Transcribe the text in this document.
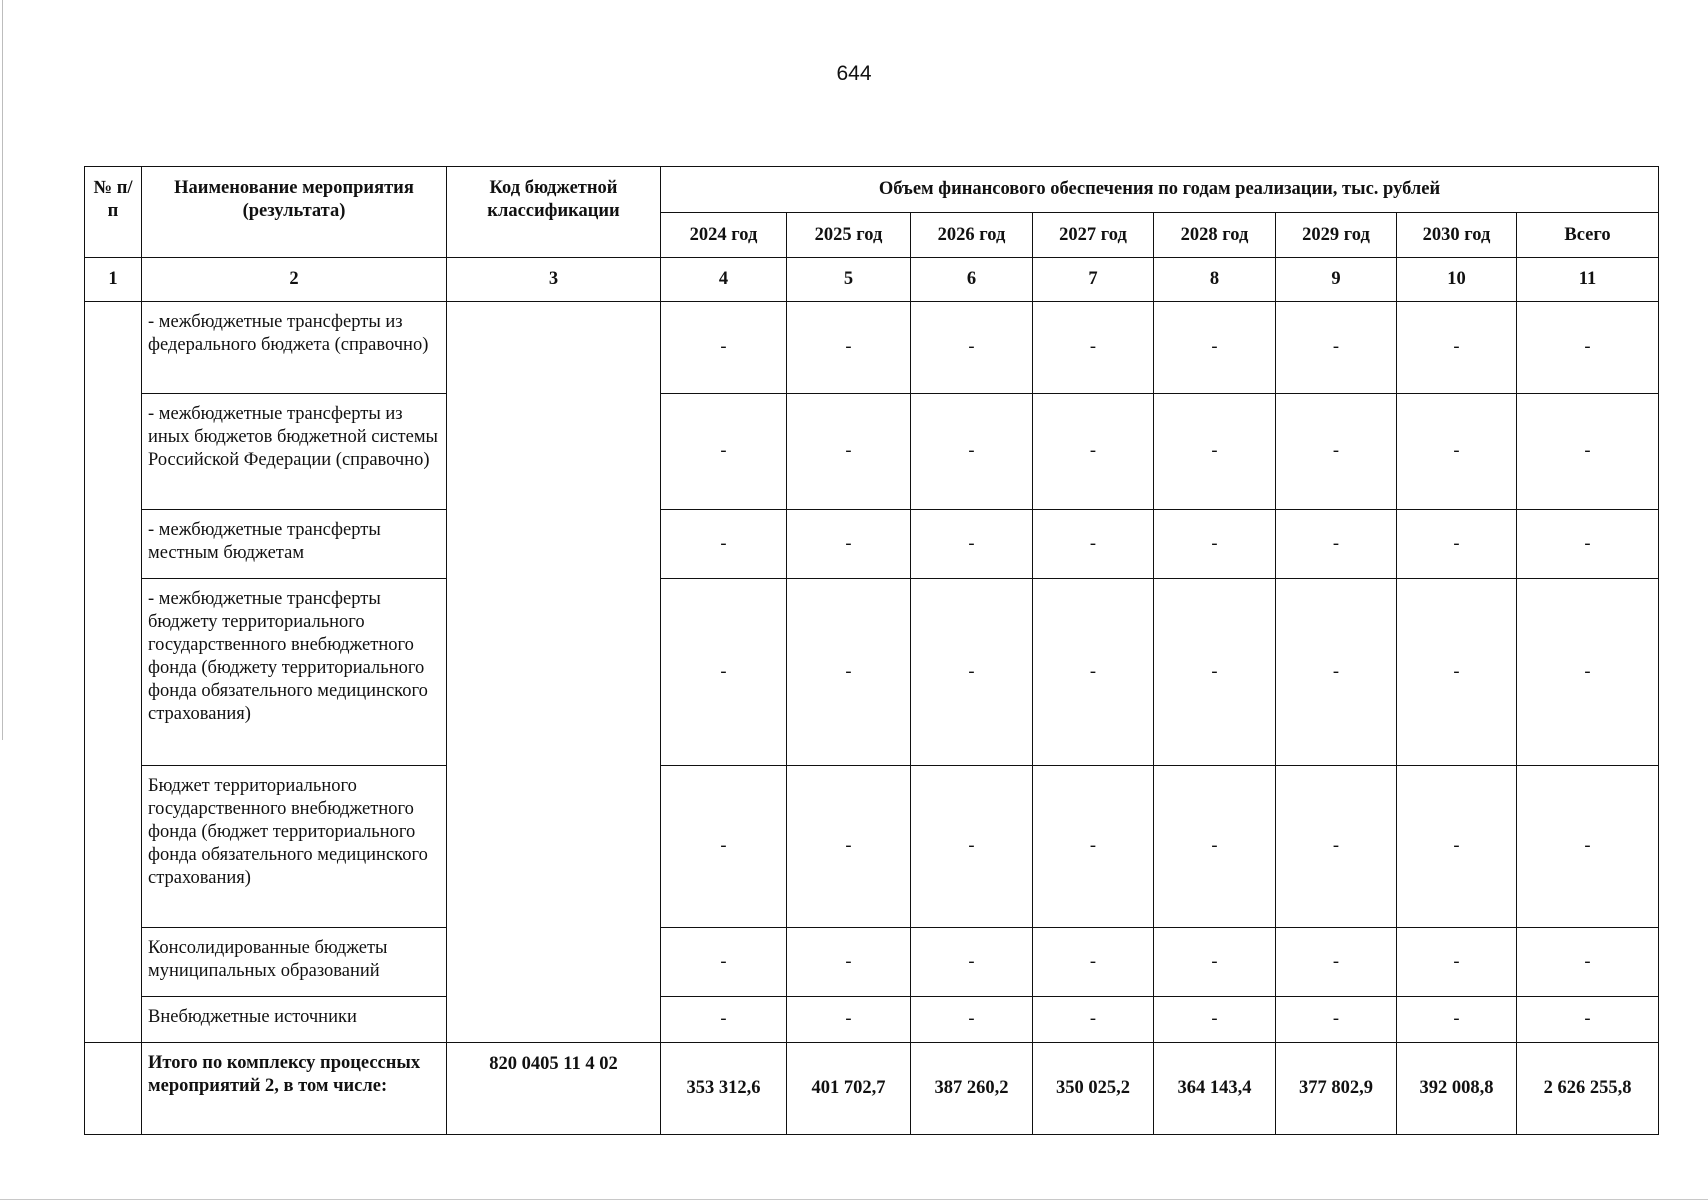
644
№ п/п	Наименование мероприятия (результата)	Код бюджетной классификации	Объем финансового обеспечения по годам реализации, тыс. рублей							
			2024 год	2025 год	2026 год	2027 год	2028 год	2029 год	2030 год	Всего
1	2	3	4	5	6	7	8	9	10	11
	- межбюджетные трансферты из федерального бюджета (справочно)		-	-	-	-	-	-	-	-
	- межбюджетные трансферты из иных бюджетов бюджетной системы Российской Федерации (справочно)		-	-	-	-	-	-	-	-
	- межбюджетные трансферты местным бюджетам		-	-	-	-	-	-	-	-
	- межбюджетные трансферты бюджету территориального государственного внебюджетного фонда (бюджету территориального фонда обязательного медицинского страхования)		-	-	-	-	-	-	-	-
	Бюджет территориального государственного внебюджетного фонда (бюджет территориального фонда обязательного медицинского страхования)		-	-	-	-	-	-	-	-
	Консолидированные бюджеты муниципальных образований		-	-	-	-	-	-	-	-
	Внебюджетные источники		-	-	-	-	-	-	-	-
	Итого по комплексу процессных мероприятий 2, в том числе:	820 0405 11 4 02	353 312,6	401 702,7	387 260,2	350 025,2	364 143,4	377 802,9	392 008,8	2 626 255,8
